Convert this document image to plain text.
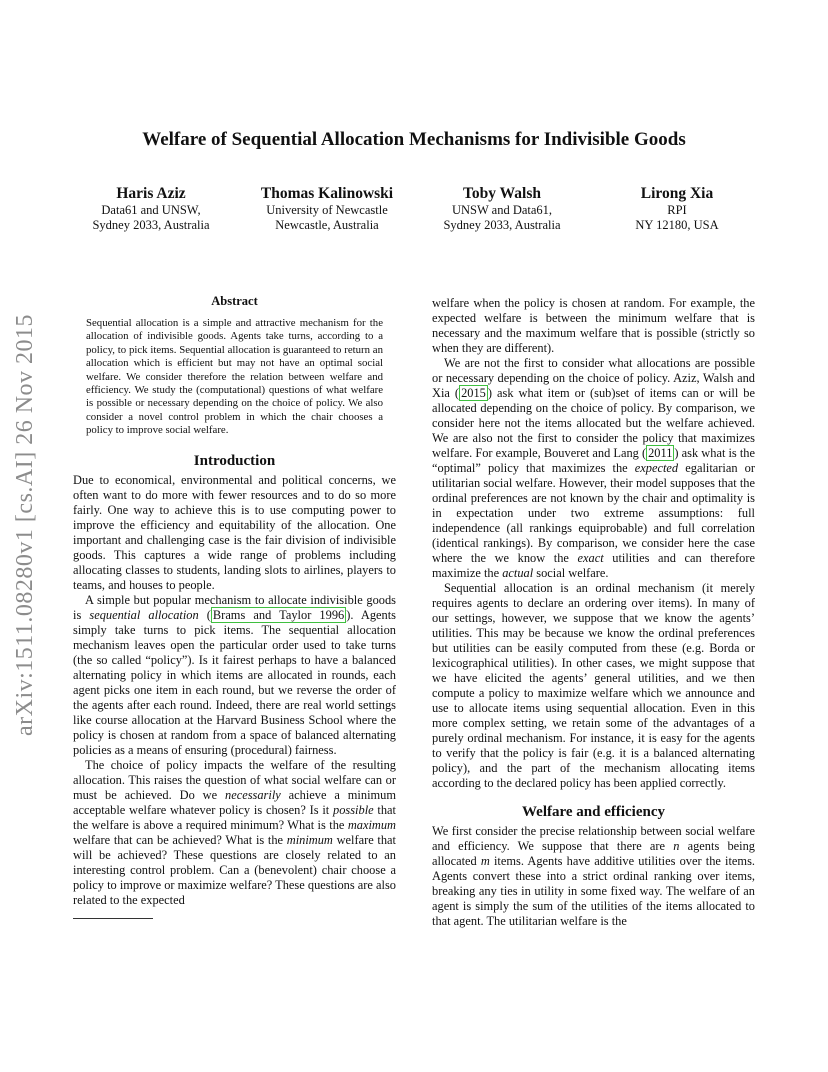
arXiv:1511.08280v1 [cs.AI] 26 Nov 2015
Welfare of Sequential Allocation Mechanisms for Indivisible Goods
Haris Aziz
Data61 and UNSW,
Sydney 2033, Australia
Thomas Kalinowski
University of Newcastle
Newcastle, Australia
Toby Walsh
UNSW and Data61,
Sydney 2033, Australia
Lirong Xia
RPI
NY 12180, USA
Abstract

Sequential allocation is a simple and attractive mechanism for the allocation of indivisible goods. Agents take turns, according to a policy, to pick items. Sequential allocation is guaranteed to return an allocation which is efficient but may not have an optimal social welfare. We consider therefore the relation between welfare and efficiency. We study the (computational) questions of what welfare is possible or necessary depending on the choice of policy. We also consider a novel control problem in which the chair chooses a policy to improve social welfare.

Introduction

Due to economical, environmental and political concerns, we often want to do more with fewer resources and to do so more fairly. One way to achieve this is to use computing power to improve the efficiency and equitability of the allocation. One important and challenging case is the fair division of indivisible goods. This captures a wide range of problems including allocating classes to students, landing slots to airlines, players to teams, and houses to people.

A simple but popular mechanism to allocate indivisible goods is sequential allocation ( Brams and Taylor 1996 ). Agents simply take turns to pick items. The sequential allocation mechanism leaves open the particular order used to take turns (the so called “policy”). Is it fairest perhaps to have a balanced alternating policy in which items are allocated in rounds, each agent picks one item in each round, but we reverse the order of the agents after each round. Indeed, there are real world settings like course allocation at the Harvard Business School where the policy is chosen at random from a space of balanced alternating policies as a means of ensuring (procedural) fairness.

The choice of policy impacts the welfare of the resulting allocation. This raises the question of what social welfare can or must be achieved. Do we necessarily achieve a minimum acceptable welfare whatever policy is chosen? Is it possible that the welfare is above a required minimum? What is the maximum welfare that can be achieved? What is the minimum welfare that will be achieved? These questions are closely related to an interesting control problem. Can a (benevolent) chair choose a policy to improve or maximize welfare? These questions are also related to the expected

welfare when the policy is chosen at random. For example, the expected welfare is between the minimum welfare that is necessary and the maximum welfare that is possible (strictly so when they are different).

We are not the first to consider what allocations are possible or necessary depending on the choice of policy. Aziz, Walsh and Xia ( 2015 ) ask what item or (sub)set of items can or will be allocated depending on the choice of policy. By comparison, we consider here not the items allocated but the welfare achieved. We are also not the first to consider the policy that maximizes welfare. For example, Bouveret and Lang ( 2011 ) ask what is the “optimal” policy that maximizes the expected egalitarian or utilitarian social welfare. However, their model supposes that the ordinal preferences are not known by the chair and optimality is in expectation under two extreme assumptions: full independence (all rankings equiprobable) and full correlation (identical rankings). By comparison, we consider here the case where the we know the exact utilities and can therefore maximize the actual social welfare.

Sequential allocation is an ordinal mechanism (it merely requires agents to declare an ordering over items). In many of our settings, however, we suppose that we know the agents’ utilities. This may be because we know the ordinal preferences but utilities can be easily computed from these (e.g. Borda or lexicographical utilities). In other cases, we might suppose that we have elicited the agents’ general utilities, and we then compute a policy to maximize welfare which we announce and use to allocate items using sequential allocation. Even in this more complex setting, we retain some of the advantages of a purely ordinal mechanism. For instance, it is easy for the agents to verify that the policy is fair (e.g. it is a balanced alternating policy), and the part of the mechanism allocating items according to the declared policy has been applied correctly.

Welfare and efficiency

We first consider the precise relationship between social welfare and efficiency. We suppose that there are n agents being allocated m items. Agents have additive utilities over the items. Agents convert these into a strict ordinal ranking over items, breaking any ties in utility in some fixed way. The welfare of an agent is simply the sum of the utilities of the items allocated to that agent. The utilitarian welfare is the
